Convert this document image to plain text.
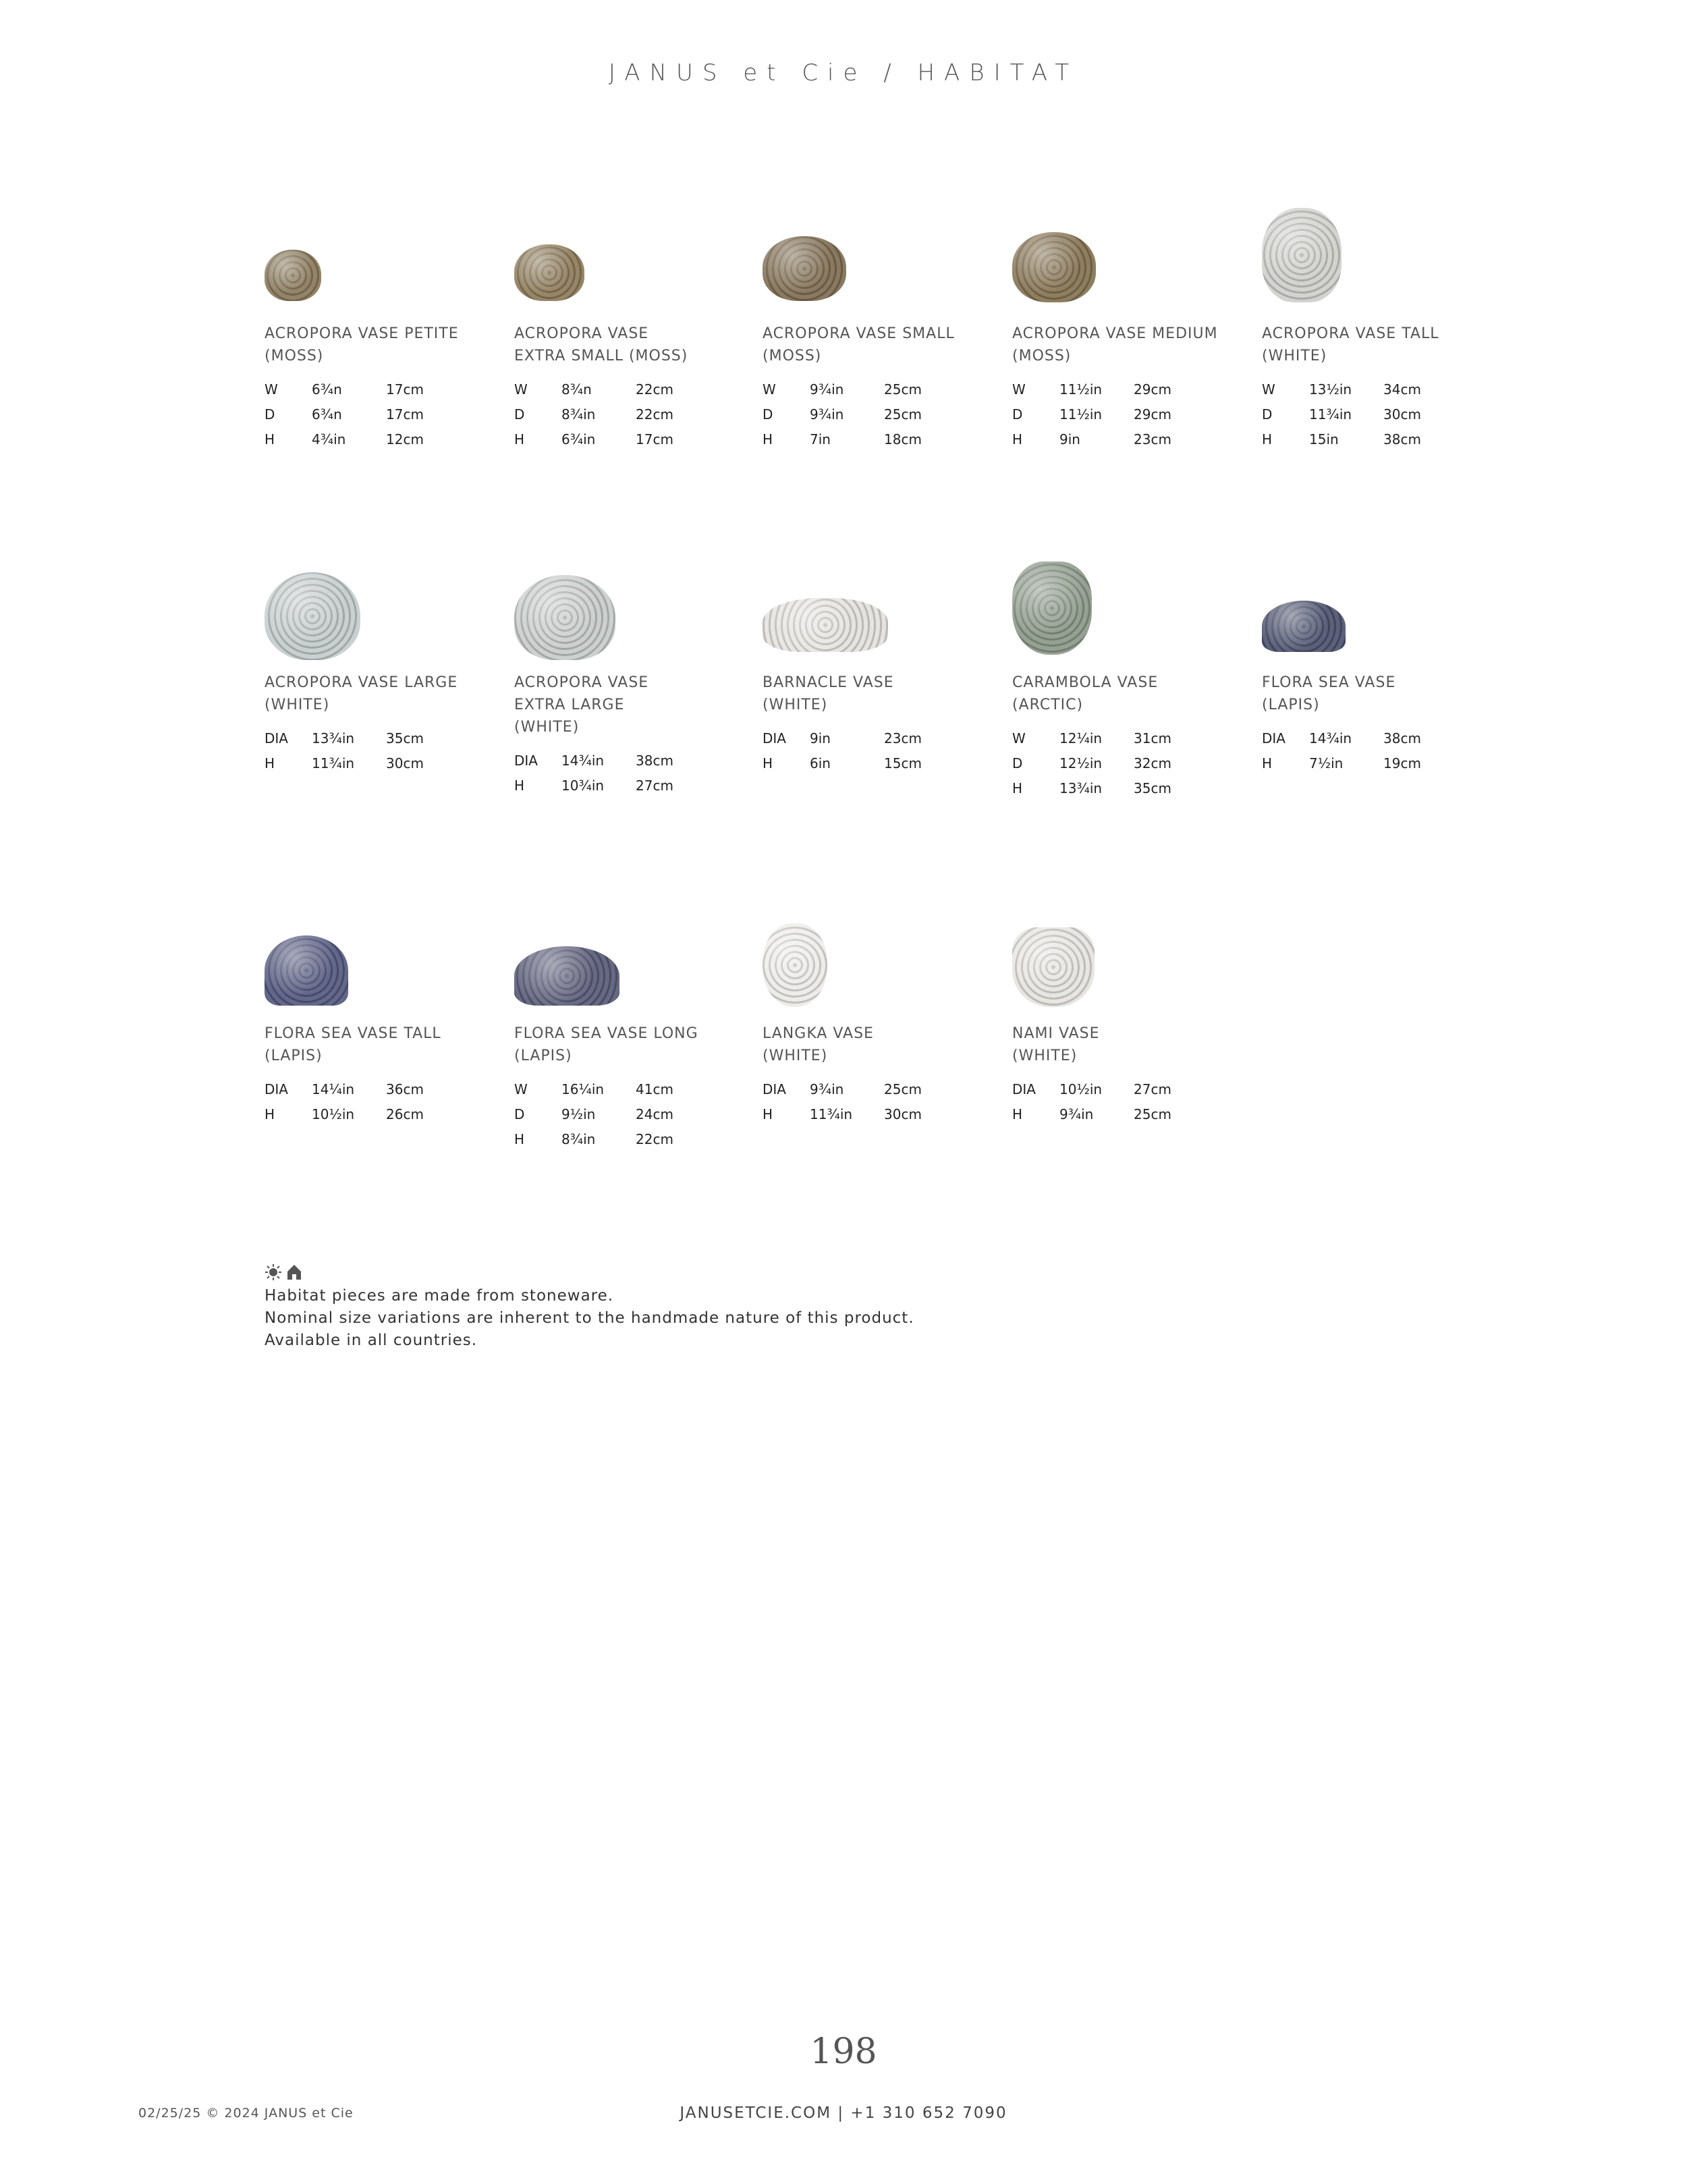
JANUS et Cie / HABITAT
ACROPORA VASE PETITE
(MOSS)
W	6¾n	17cm
D	6¾n	17cm
H	4¾in	12cm
ACROPORA VASE
EXTRA SMALL (MOSS)
W	8¾n	22cm
D	8¾in	22cm
H	6¾in	17cm
ACROPORA VASE SMALL
(MOSS)
W	9¾in	25cm
D	9¾in	25cm
H	7in	18cm
ACROPORA VASE MEDIUM
(MOSS)
W	11½in	29cm
D	11½in	29cm
H	9in	23cm
ACROPORA VASE TALL
(WHITE)
W	13½in	34cm
D	11¾in	30cm
H	15in	38cm
ACROPORA VASE LARGE
(WHITE)
DIA	13¾in	35cm
H	11¾in	30cm
ACROPORA VASE
EXTRA LARGE
(WHITE)
DIA	14¾in	38cm
H	10¾in	27cm
BARNACLE VASE
(WHITE)
DIA	9in	23cm
H	6in	15cm
CARAMBOLA VASE
(ARCTIC)
W	12¼in	31cm
D	12½in	32cm
H	13¾in	35cm
FLORA SEA VASE
(LAPIS)
DIA	14¾in	38cm
H	7½in	19cm
FLORA SEA VASE TALL
(LAPIS)
DIA	14¼in	36cm
H	10½in	26cm
FLORA SEA VASE LONG
(LAPIS)
W	16¼in	41cm
D	9½in	24cm
H	8¾in	22cm
LANGKA VASE
(WHITE)
DIA	9¾in	25cm
H	11¾in	30cm
NAMI VASE
(WHITE)
DIA	10½in	27cm
H	9¾in	25cm
Habitat pieces are made from stoneware.
Nominal size variations are inherent to the handmade nature of this product.
Available in all countries.
198
02/25/25 © 2024 JANUS et Cie	JANUSETCIE.COM | +1 310 652 7090
